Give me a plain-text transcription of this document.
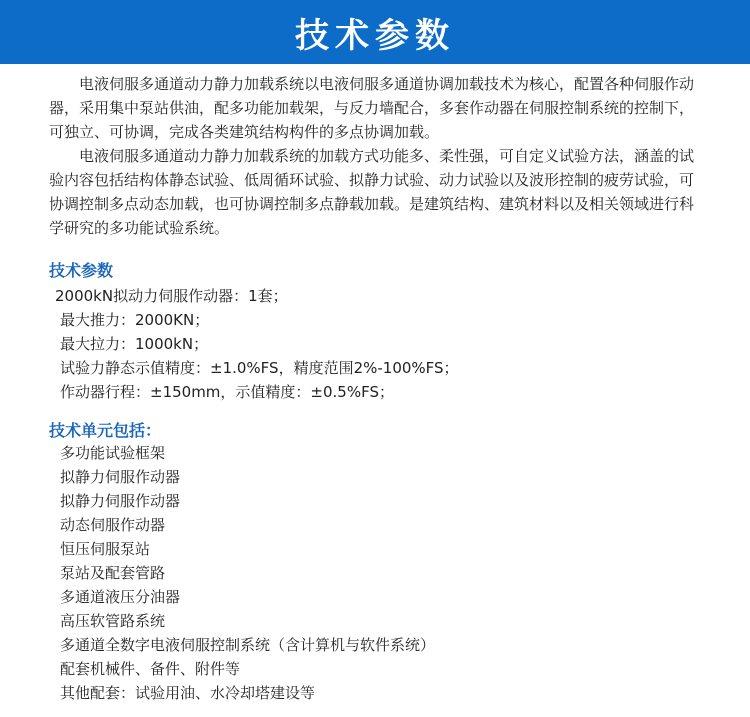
技术参数

电液伺服多通道动力静力加载系统以电液伺服多通道协调加载技术为核心，配置各种伺服作动器，采用集中泵站供油，配多功能加载架，与反力墙配合，多套作动器在伺服控制系统的控制下，可独立、可协调，完成各类建筑结构构件的多点协调加载。

电液伺服多通道动力静力加载系统的加载方式功能多、柔性强，可自定义试验方法，涵盖的试验内容包括结构体静态试验、低周循环试验、拟静力试验、动力试验以及波形控制的疲劳试验，可协调控制多点动态加载，也可协调控制多点静载加载。是建筑结构、建筑材料以及相关领域进行科学研究的多功能试验系统。

技术参数
2000kN拟动力伺服作动器：1套；
最大推力：2000KN；
最大拉力：1000kN；
试验力静态示值精度：±1.0%FS，精度范围2%-100%FS；
作动器行程：±150mm，示值精度：±0.5%FS；
技术单元包括：
多功能试验框架
拟静力伺服作动器
拟静力伺服作动器
动态伺服作动器
恒压伺服泵站
泵站及配套管路
多通道液压分油器
高压软管路系统
多通道全数字电液伺服控制系统（含计算机与软件系统）
配套机械件、备件、附件等
其他配套：试验用油、水冷却塔建设等
